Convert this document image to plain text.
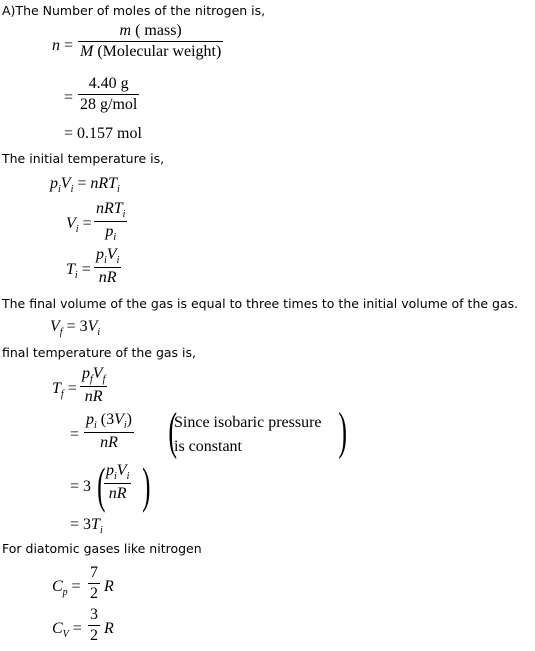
A)The Number of moles of the nitrogen is,
n =
m ( mass)
M (Molecular weight)
=
4.40 g
28 g/mol
= 0.157 mol
The initial temperature is,
$p_iV_i = nRT_i$
$V_i$ =
nRT$_i$
$p_i$
$T_i$ =
$p_iV_i$
nR
The final volume of the gas is equal to three times to the initial volume of the gas.
$V_f = 3V_i$
final temperature of the gas is,
$T_f$ =
$p_fV_f$
nR
=
$p_i$ $(3V_i)$
nR (
Since isobaric pressure
is constant )
= 3 ( $p_iV_i$
nR )
= $3T_i$
For diatomic gases like nitrogen
$C_p$ =
7
2 R
$C_V$ =
3
2 R
